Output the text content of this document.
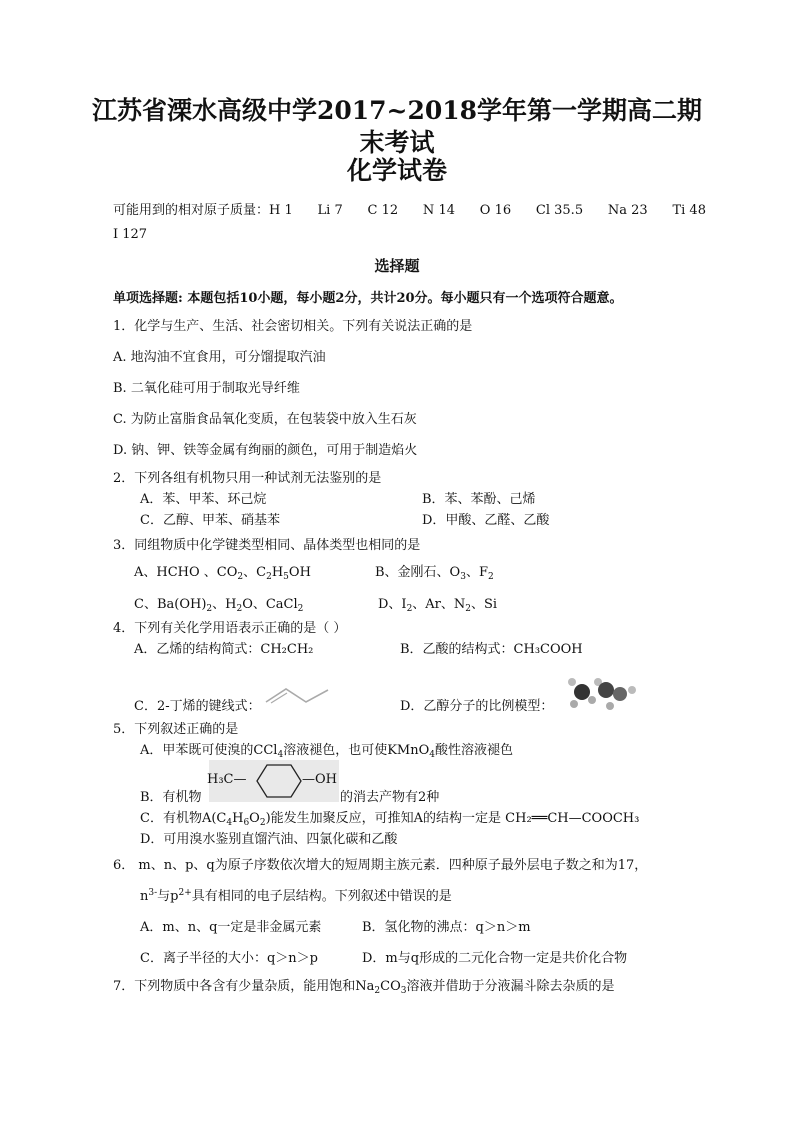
江苏省溧水高级中学2017~2018学年第一学期高二期
末考试
化学试卷
可能用到的相对原子质量：H 1      Li 7      C 12      N 14      O 16      Cl 35.5      Na 23      Ti 48
I 127
选择题
单项选择题: 本题包括10小题，每小题2分，共计20分。每小题只有一个选项符合题意。
1．化学与生产、生活、社会密切相关。下列有关说法正确的是
A. 地沟油不宜食用，可分馏提取汽油
B. 二氧化硅可用于制取光导纤维
C. 为防止富脂食品氧化变质，在包装袋中放入生石灰
D. 钠、钾、铁等金属有绚丽的颜色，可用于制造焰火
2．下列各组有机物只用一种试剂无法鉴别的是
A．苯、甲苯、环己烷	B．苯、苯酚、己烯
C．乙醇、甲苯、硝基苯	D．甲酸、乙醛、乙酸
3．同组物质中化学键类型相同、晶体类型也相同的是
A、HCHO 、$CO_2$、$C_2H_5OH$	B、金刚石、$O_3$、$F_2$
C、$Ba(OH)_2$、$H_2O$、CaCl$_2$	D、$I_2$、Ar、$N_2$、Si
4．下列有关化学用语表示正确的是（ ）
A．乙烯的结构简式：CH₂CH₂	B．乙酸的结构式：CH₃COOH
C．2-丁烯的键线式：	D．乙醇分子的比例模型：
5．下列叙述正确的是
A．甲苯既可使溴的CCl$_4$溶液褪色，也可使KMnO$_4$酸性溶液褪色
H₃C—	—OH
B．有机物	的消去产物有2种
C．有机物$A(C_4H_6O_2)$能发生加聚反应，可推知A的结构一定是 CH₂══CH—COOCH₃
D．可用溴水鉴别直馏汽油、四氯化碳和乙酸
6． m、n、p、q为原子序数依次增大的短周期主族元素．四种原子最外层电子数之和为17，
$n^{3-}$与$p^{2+}$具有相同的电子层结构。下列叙述中错误的是
A．m、n、q一定是非金属元素	B．氢化物的沸点：q＞n＞m
C．离子半径的大小：q＞n＞p	D．m与q形成的二元化合物一定是共价化合物
7．下列物质中各含有少量杂质，能用饱和$Na_2CO_3$溶液并借助于分液漏斗除去杂质的是
